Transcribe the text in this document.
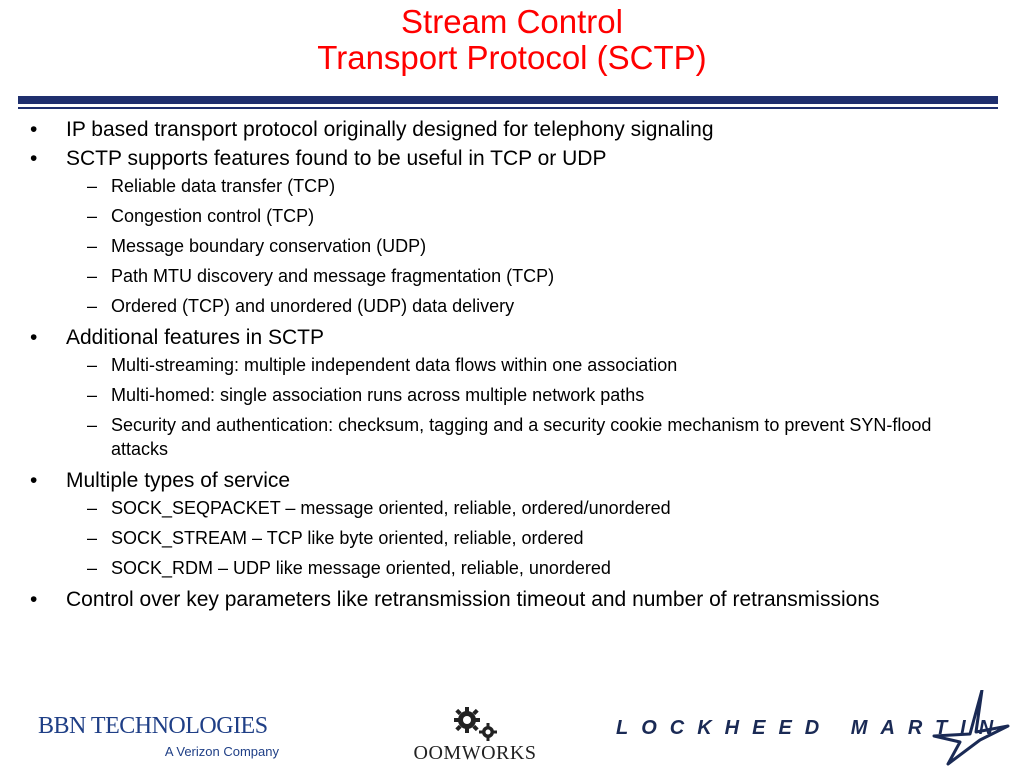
Stream Control
Transport Protocol (SCTP)
•	IP based transport protocol originally designed for telephony signaling
•	SCTP supports features found to be useful in TCP or UDP
– Reliable data transfer (TCP)
– Congestion control (TCP)
– Message boundary conservation (UDP)
– Path MTU discovery and message fragmentation (TCP)
– Ordered (TCP) and unordered (UDP) data delivery
•	Additional features in SCTP
– Multi-streaming: multiple independent data flows within one association
– Multi-homed: single association runs across multiple network paths
– Security and authentication: checksum, tagging and a security cookie mechanism to prevent SYN-flood attacks
•	Multiple types of service
– SOCK_SEQPACKET – message oriented, reliable, ordered/unordered
– SOCK_STREAM – TCP like byte oriented, reliable, ordered
– SOCK_RDM – UDP like message oriented, reliable, unordered
•	Control over key parameters like retransmission timeout and number of retransmissions
BBN TECHNOLOGIES
A Verizon Company	OOMWORKS
LOCKHEED MARTIN
